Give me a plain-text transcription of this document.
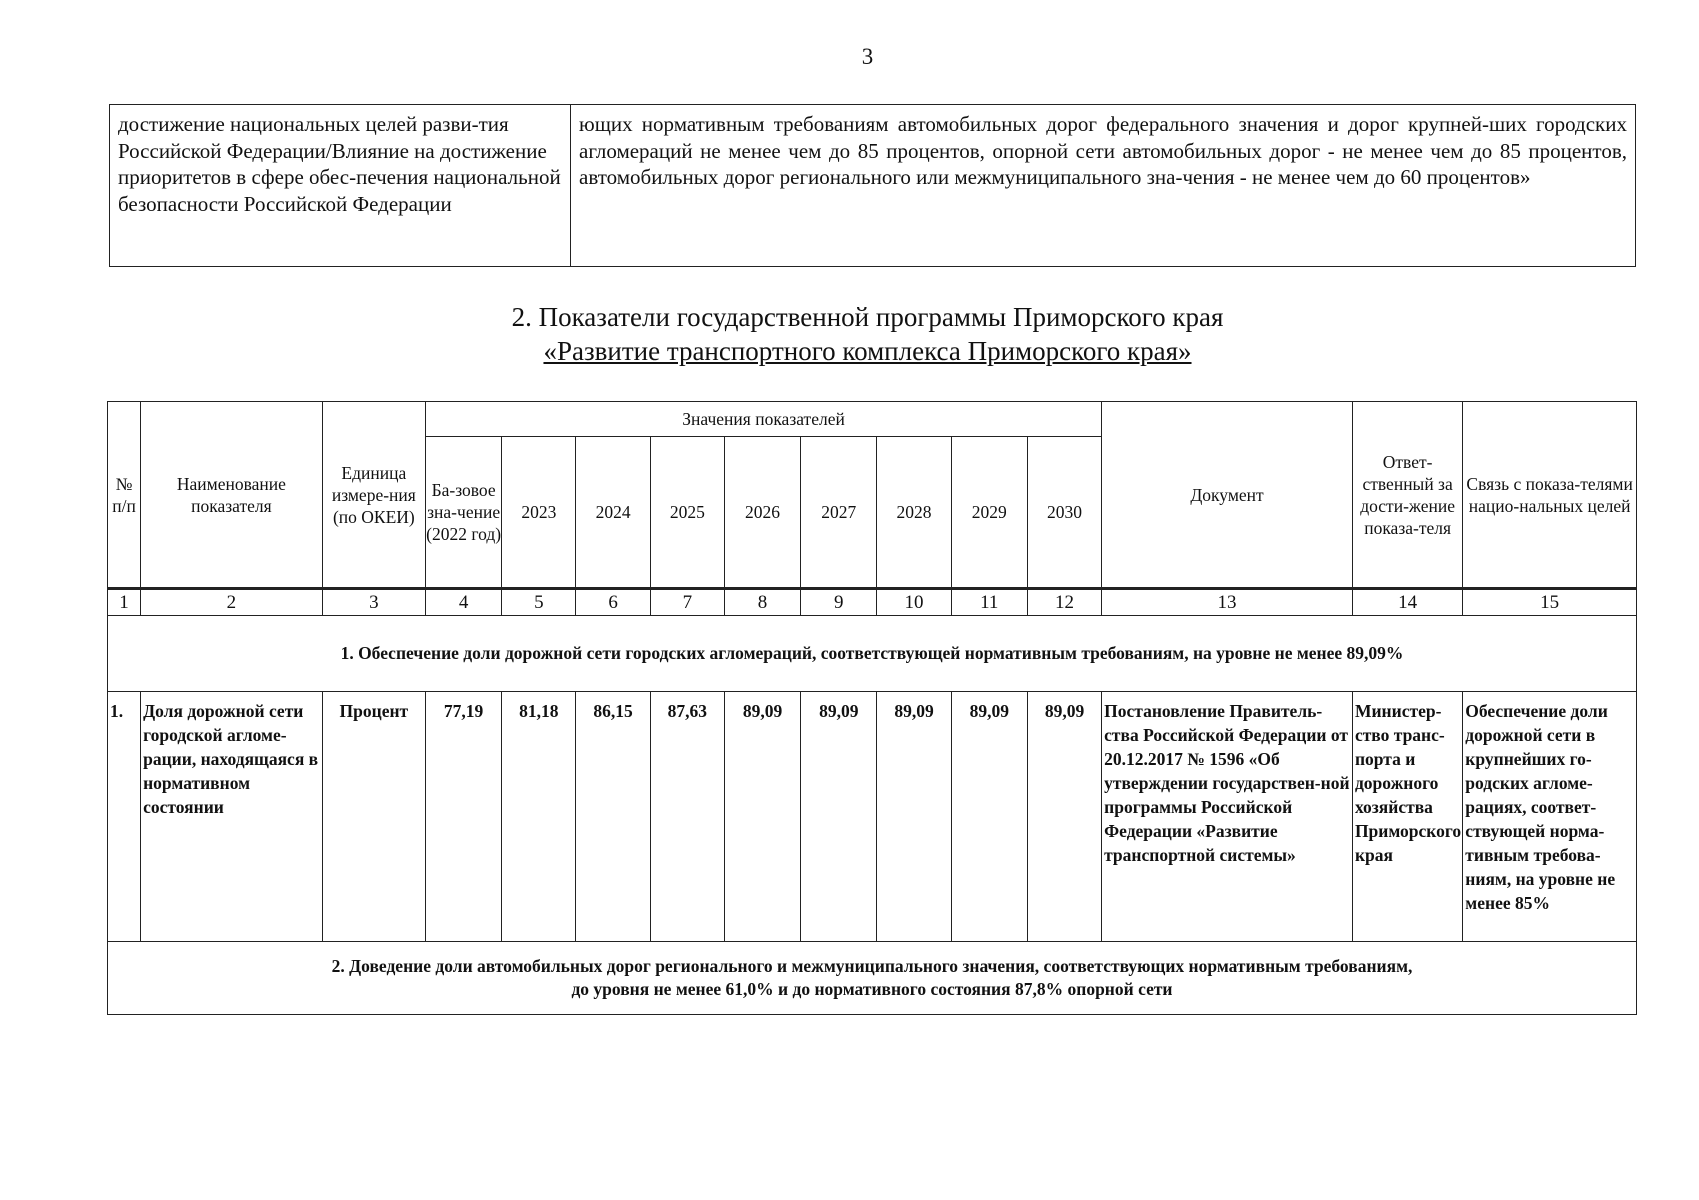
3
достижение национальных целей разви-тия Российской Федерации/Влияние на достижение приоритетов в сфере обес-печения национальной безопасности Российской Федерации	ющих нормативным требованиям автомобильных дорог федерального значения и дорог крупней-ших городских агломераций не менее чем до 85 процентов, опорной сети автомобильных дорог - не менее чем до 85 процентов, автомобильных дорог регионального или межмуниципального зна-чения - не менее чем до 60 процентов»
2. Показатели государственной программы Приморского края
«Развитие транспортного комплекса Приморского края»
№ п/п	Наименование показателя	Единица измере-ния (по ОКЕИ)	Значения показателей									Документ	Ответ-ственный за дости-жение показа-теля	Связь с показа-телями нацио-нальных целей
			Ба-зовое зна-чение (2022 год)	2023	2024	2025	2026	2027	2028	2029	2030			
1	2	3	4	5	6	7	8	9	10	11	12	13	14	15
1. Обеспечение доли дорожной сети городских агломераций, соответствующей нормативным требованиям, на уровне не менее 89,09%														
1.	Доля дорожной сети городской агломе-рации, находящаяся в нормативном состоянии	Процент	77,19	81,18	86,15	87,63	89,09	89,09	89,09	89,09	89,09	Постановление Правитель-ства Российской Федерации от 20.12.2017 № 1596 «Об утверждении государствен-ной программы Российской Федерации «Развитие транспортной системы»	Министер-ство транс-порта и дорожного хозяйства Приморского края	Обеспечение доли дорожной сети в крупнейших го-родских агломе-рациях, соответ-ствующей норма-тивным требова-ниям, на уровне не менее 85%

2. Доведение доли автомобильных дорог регионального и межмуниципального значения, соответствующих нормативным требованиям,
до уровня не менее 61,0% и до нормативного состояния 87,8% опорной сети														
